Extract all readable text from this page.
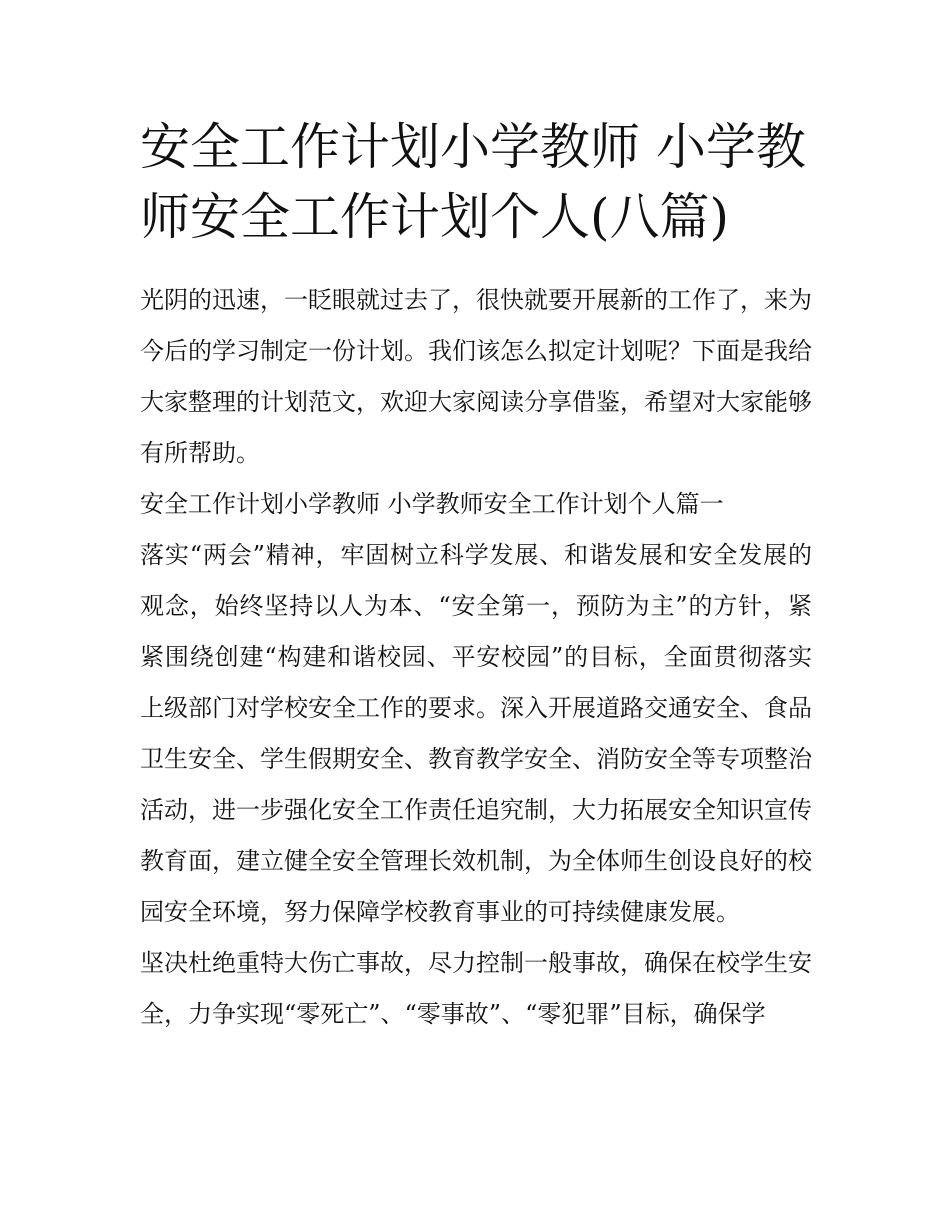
安全工作计划小学教师 小学教师安全工作计划个人(八篇)

光阴的迅速，一眨眼就过去了，很快就要开展新的工作了，来为今后的学习制定一份计划。我们该怎么拟定计划呢？下面是我给大家整理的计划范文，欢迎大家阅读分享借鉴，希望对大家能够有所帮助。

安全工作计划小学教师 小学教师安全工作计划个人篇一

落实“两会”精神，牢固树立科学发展、和谐发展和安全发展的观念，始终坚持以人为本、“安全第一，预防为主”的方针，紧紧围绕创建“构建和谐校园、平安校园”的目标，全面贯彻落实上级部门对学校安全工作的要求。深入开展道路交通安全、食品卫生安全、学生假期安全、教育教学安全、消防安全等专项整治活动，进一步强化安全工作责任追究制，大力拓展安全知识宣传教育面，建立健全安全管理长效机制，为全体师生创设良好的校园安全环境，努力保障学校教育事业的可持续健康发展。

坚决杜绝重特大伤亡事故，尽力控制一般事故，确保在校学生安全，力争实现“零死亡”、“零事故”、“零犯罪”目标，确保学
